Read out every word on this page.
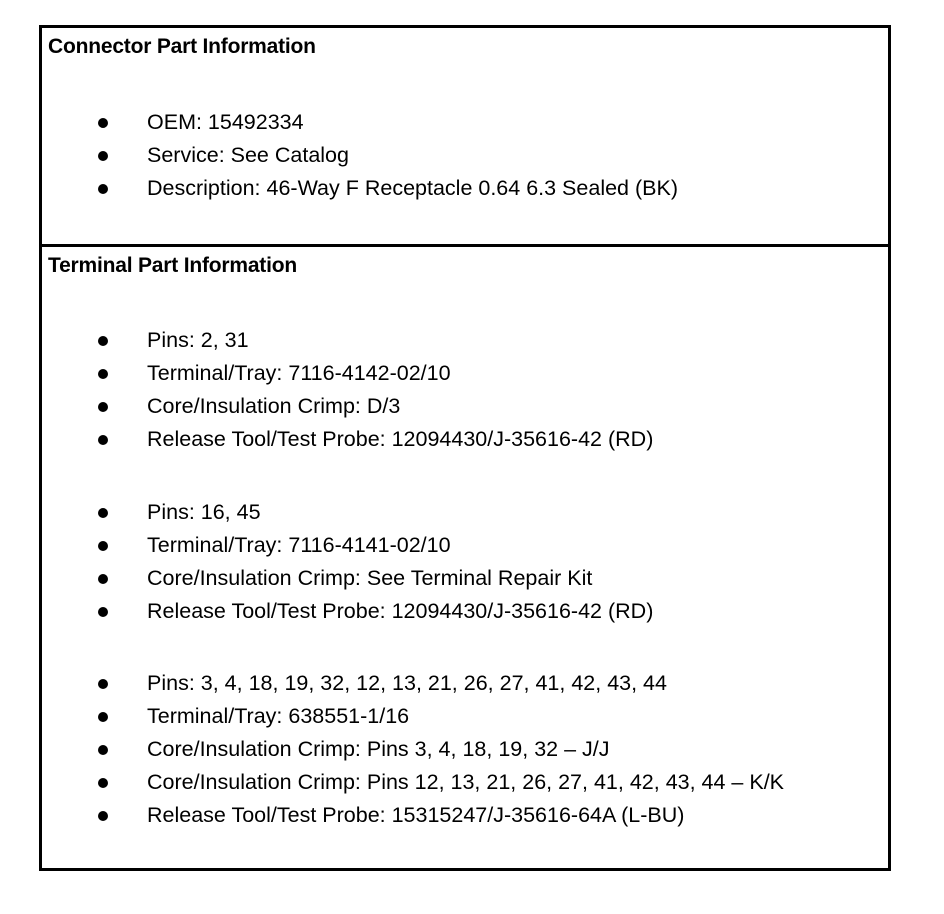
Connector Part Information
OEM: 15492334
Service: See Catalog
Description: 46-Way F Receptacle 0.64 6.3 Sealed (BK)
Terminal Part Information
Pins: 2, 31
Terminal/Tray: 7116-4142-02/10
Core/Insulation Crimp: D/3
Release Tool/Test Probe: 12094430/J-35616-42 (RD)
Pins: 16, 45
Terminal/Tray: 7116-4141-02/10
Core/Insulation Crimp: See Terminal Repair Kit
Release Tool/Test Probe: 12094430/J-35616-42 (RD)
Pins: 3, 4, 18, 19, 32, 12, 13, 21, 26, 27, 41, 42, 43, 44
Terminal/Tray: 638551-1/16
Core/Insulation Crimp: Pins 3, 4, 18, 19, 32 – J/J
Core/Insulation Crimp: Pins 12, 13, 21, 26, 27, 41, 42, 43, 44 – K/K
Release Tool/Test Probe: 15315247/J-35616-64A (L-BU)
